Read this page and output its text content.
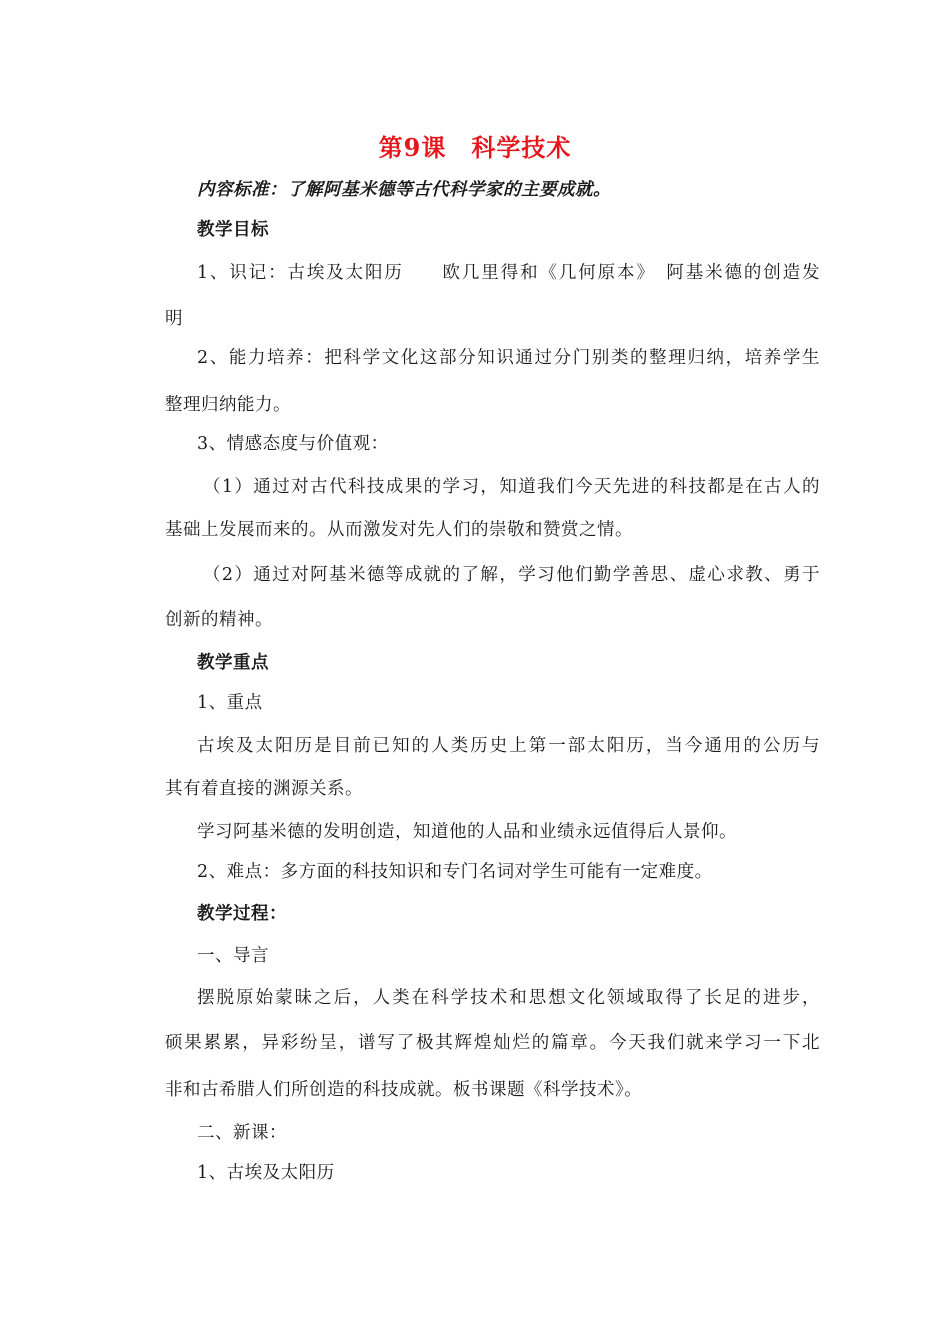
第9课　科学技术
内容标准：了解阿基米德等古代科学家的主要成就。
教学目标
1、识记：古埃及太阳历　　欧几里得和《几何原本》　阿基米德的创造发
明
2、能力培养：把科学文化这部分知识通过分门别类的整理归纳，培养学生
整理归纳能力。
3、情感态度与价值观：
（1）通过对古代科技成果的学习，知道我们今天先进的科技都是在古人的
基础上发展而来的。从而激发对先人们的崇敬和赞赏之情。
（2）通过对阿基米德等成就的了解，学习他们勤学善思、虚心求教、勇于
创新的精神。
教学重点
1、重点
古埃及太阳历是目前已知的人类历史上第一部太阳历，当今通用的公历与
其有着直接的渊源关系。
学习阿基米德的发明创造，知道他的人品和业绩永远值得后人景仰。
2、难点：多方面的科技知识和专门名词对学生可能有一定难度。
教学过程：
一、导言
摆脱原始蒙昧之后，人类在科学技术和思想文化领域取得了长足的进步，
硕果累累，异彩纷呈，谱写了极其辉煌灿烂的篇章。今天我们就来学习一下北
非和古希腊人们所创造的科技成就。板书课题《科学技术》。
二、新课：
1、古埃及太阳历
